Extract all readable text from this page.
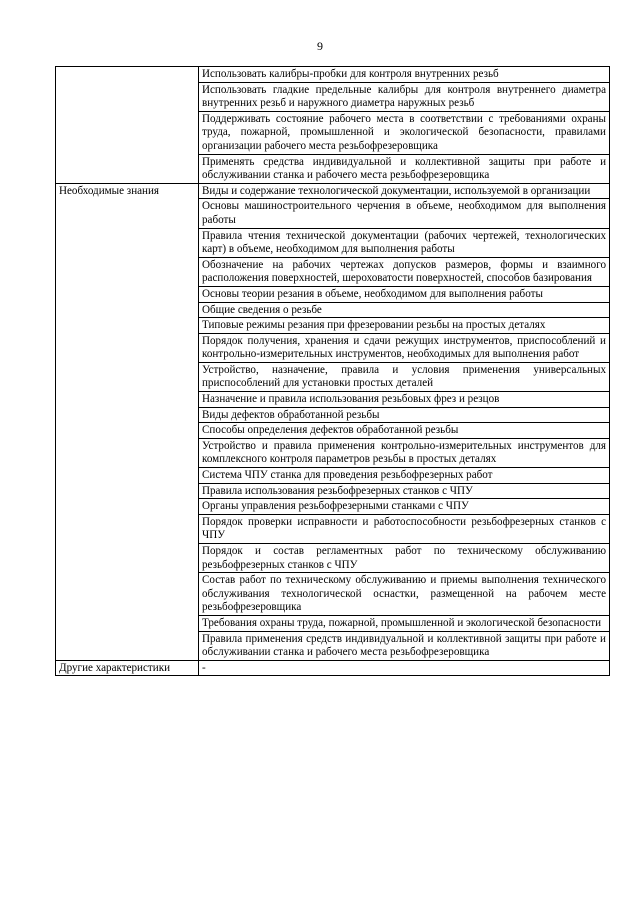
9
	Использовать калибры-пробки для контроля внутренних резьб
	Использовать гладкие предельные калибры для контроля внутреннего диаметра внутренних резьб и наружного диаметра наружных резьб
	Поддерживать состояние рабочего места в соответствии с требованиями охраны труда, пожарной, промышленной и экологической безопасности, правилами организации рабочего места резьбофрезеровщика
	Применять средства индивидуальной и коллективной защиты при работе и обслуживании станка и рабочего места резьбофрезеровщика
Необходимые знания	Виды и содержание технологической документации, используемой в организации
	Основы машиностроительного черчения в объеме, необходимом для выполнения работы
	Правила чтения технической документации (рабочих чертежей, технологических карт) в объеме, необходимом для выполнения работы
	Обозначение на рабочих чертежах допусков размеров, формы и взаимного расположения поверхностей, шероховатости поверхностей, способов базирования
	Основы теории резания в объеме, необходимом для выполнения работы
	Общие сведения о резьбе
	Типовые режимы резания при фрезеровании резьбы на простых деталях
	Порядок получения, хранения и сдачи режущих инструментов, приспособлений и контрольно-измерительных инструментов, необходимых для выполнения работ
	Устройство, назначение, правила и условия применения универсальных приспособлений для установки простых деталей
	Назначение и правила использования резьбовых фрез и резцов
	Виды дефектов обработанной резьбы
	Способы определения дефектов обработанной резьбы
	Устройство и правила применения контрольно-измерительных инструментов для комплексного контроля параметров резьбы в простых деталях
	Система ЧПУ станка для проведения резьбофрезерных работ
	Правила использования резьбофрезерных станков с ЧПУ
	Органы управления резьбофрезерными станками с ЧПУ
	Порядок проверки исправности и работоспособности резьбофрезерных станков с ЧПУ
	Порядок и состав регламентных работ по техническому обслуживанию резьбофрезерных станков с ЧПУ
	Состав работ по техническому обслуживанию и приемы выполнения технического обслуживания технологической оснастки, размещенной на рабочем месте резьбофрезеровщика
	Требования охраны труда, пожарной, промышленной и экологической безопасности
	Правила применения средств индивидуальной и коллективной защиты при работе и обслуживании станка и рабочего места резьбофрезеровщика
Другие характеристики	-
